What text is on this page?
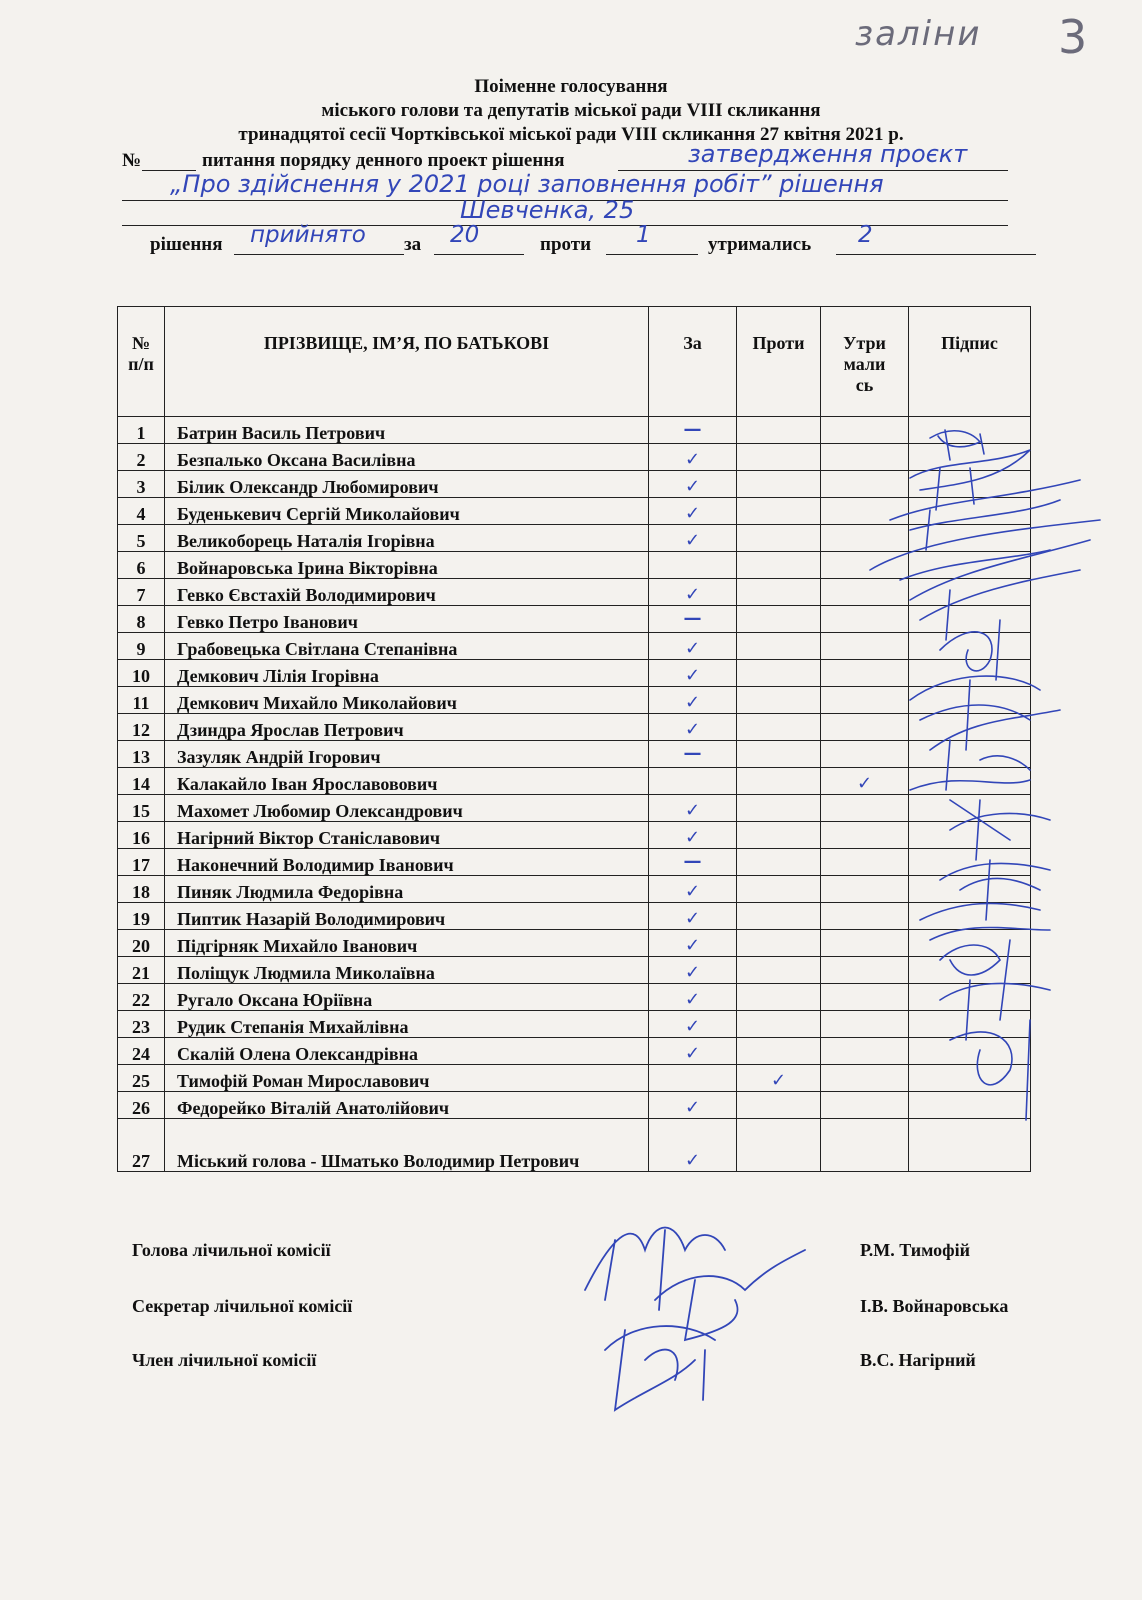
заліни 3
Поіменне голосування
міського голови та депутатів міської ради VIII скликання
тринадцятої сесії Чортківської міської ради VIII скликання 27 квітня 2021 р.
№	питання порядку денного проект рішення	затвердження проєкт
„Про здійснення у 2021 році заповнення робіт” рішення
Шевченка, 25
рішення прийнято за 20	проти 1	утримались 2
№ п/п	ПРІЗВИЩЕ, ІМ’Я, ПО БАТЬКОВІ	За	Проти	Утримались	Підпис
1	Батрин Василь Петрович	—			
2	Безпалько Оксана Василівна	✓			
3	Білик Олександр Любомирович	✓			
4	Буденькевич Сергій Миколайович	✓			
5	Великоборець Наталія Ігорівна	✓			
6	Войнаровська Ірина Вікторівна				
7	Гевко Євстахій Володимирович	✓			
8	Гевко Петро Іванович	—			
9	Грабовецька Світлана Степанівна	✓			
10	Демкович Лілія Ігорівна	✓			
11	Демкович Михайло Миколайович	✓			
12	Дзиндра Ярослав Петрович	✓			
13	Зазуляк Андрій Ігорович	—			
14	Калакайло Іван Ярославовович			✓	
15	Махомет Любомир Олександрович	✓			
16	Нагірний Віктор Станіславович	✓			
17	Наконечний Володимир Іванович	—			
18	Пиняк Людмила Федорівна	✓			
19	Пиптик Назарій Володимирович	✓			
20	Підгірняк Михайло Іванович	✓			
21	Поліщук Людмила Миколаївна	✓			
22	Ругало Оксана Юріївна	✓			
23	Рудик Степанія Михайлівна	✓			
24	Скалій Олена Олександрівна	✓			
25	Тимофій Роман Мирославович		✓		
26	Федорейко Віталій Анатолійович	✓			
27	Міський голова - Шматько Володимир Петрович	✓			
Голова лічильної комісії	Р.М. Тимофій
Секретар лічильної комісії	І.В. Войнаровська
Член лічильної комісії	В.С. Нагірний
